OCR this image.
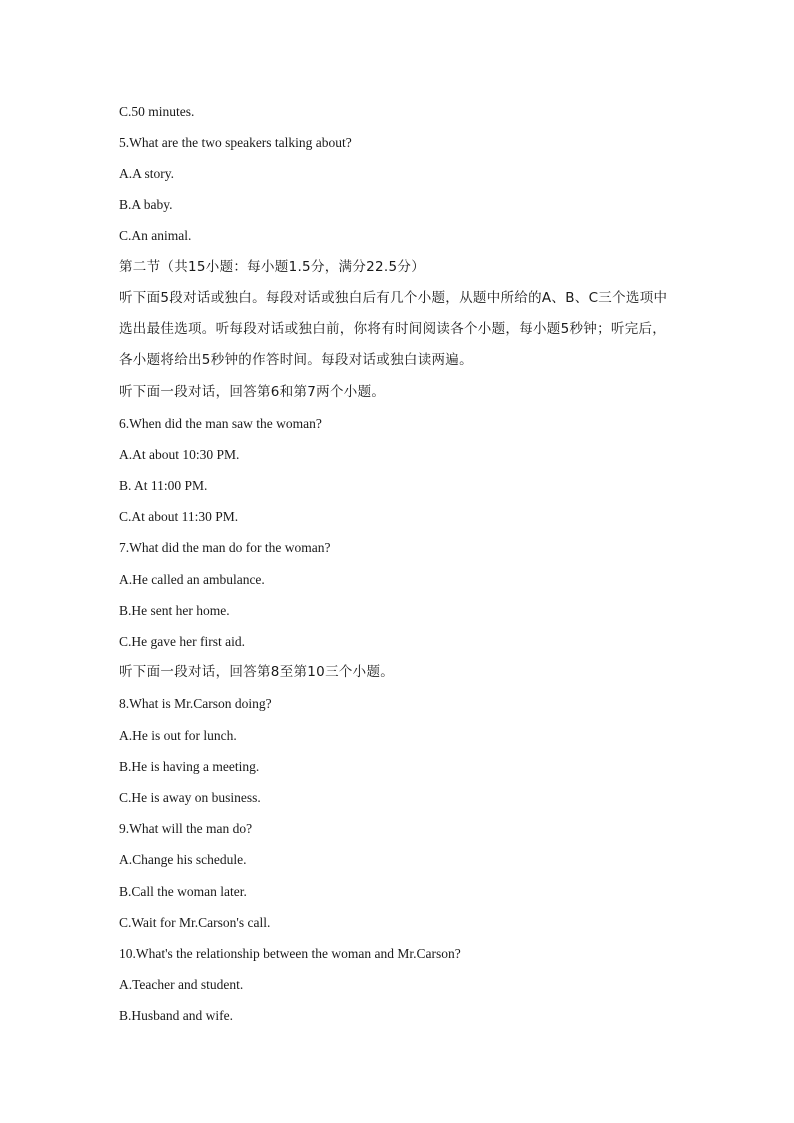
C.50 minutes.
5.What are the two speakers talking about?
A.A story.
B.A baby.
C.An animal.
第二节（共15小题：每小题1.5分，满分22.5分）
听下面5段对话或独白。每段对话或独白后有几个小题，从题中所给的A、B、C三个选项中
选出最佳选项。听每段对话或独白前，你将有时间阅读各个小题，每小题5秒钟；听完后，
各小题将给出5秒钟的作答时间。每段对话或独白读两遍。
听下面一段对话，回答第6和第7两个小题。
6.When did the man saw the woman?
A.At about 10:30 PM.
B. At 11:00 PM.
C.At about 11:30 PM.
7.What did the man do for the woman?
A.He called an ambulance.
B.He sent her home.
C.He gave her first aid.
听下面一段对话，回答第8至第10三个小题。
8.What is Mr.Carson doing?
A.He is out for lunch.
B.He is having a meeting.
C.He is away on business.
9.What will the man do?
A.Change his schedule.
B.Call the woman later.
C.Wait for Mr.Carson's call.
10.What's the relationship between the woman and Mr.Carson?
A.Teacher and student.
B.Husband and wife.
